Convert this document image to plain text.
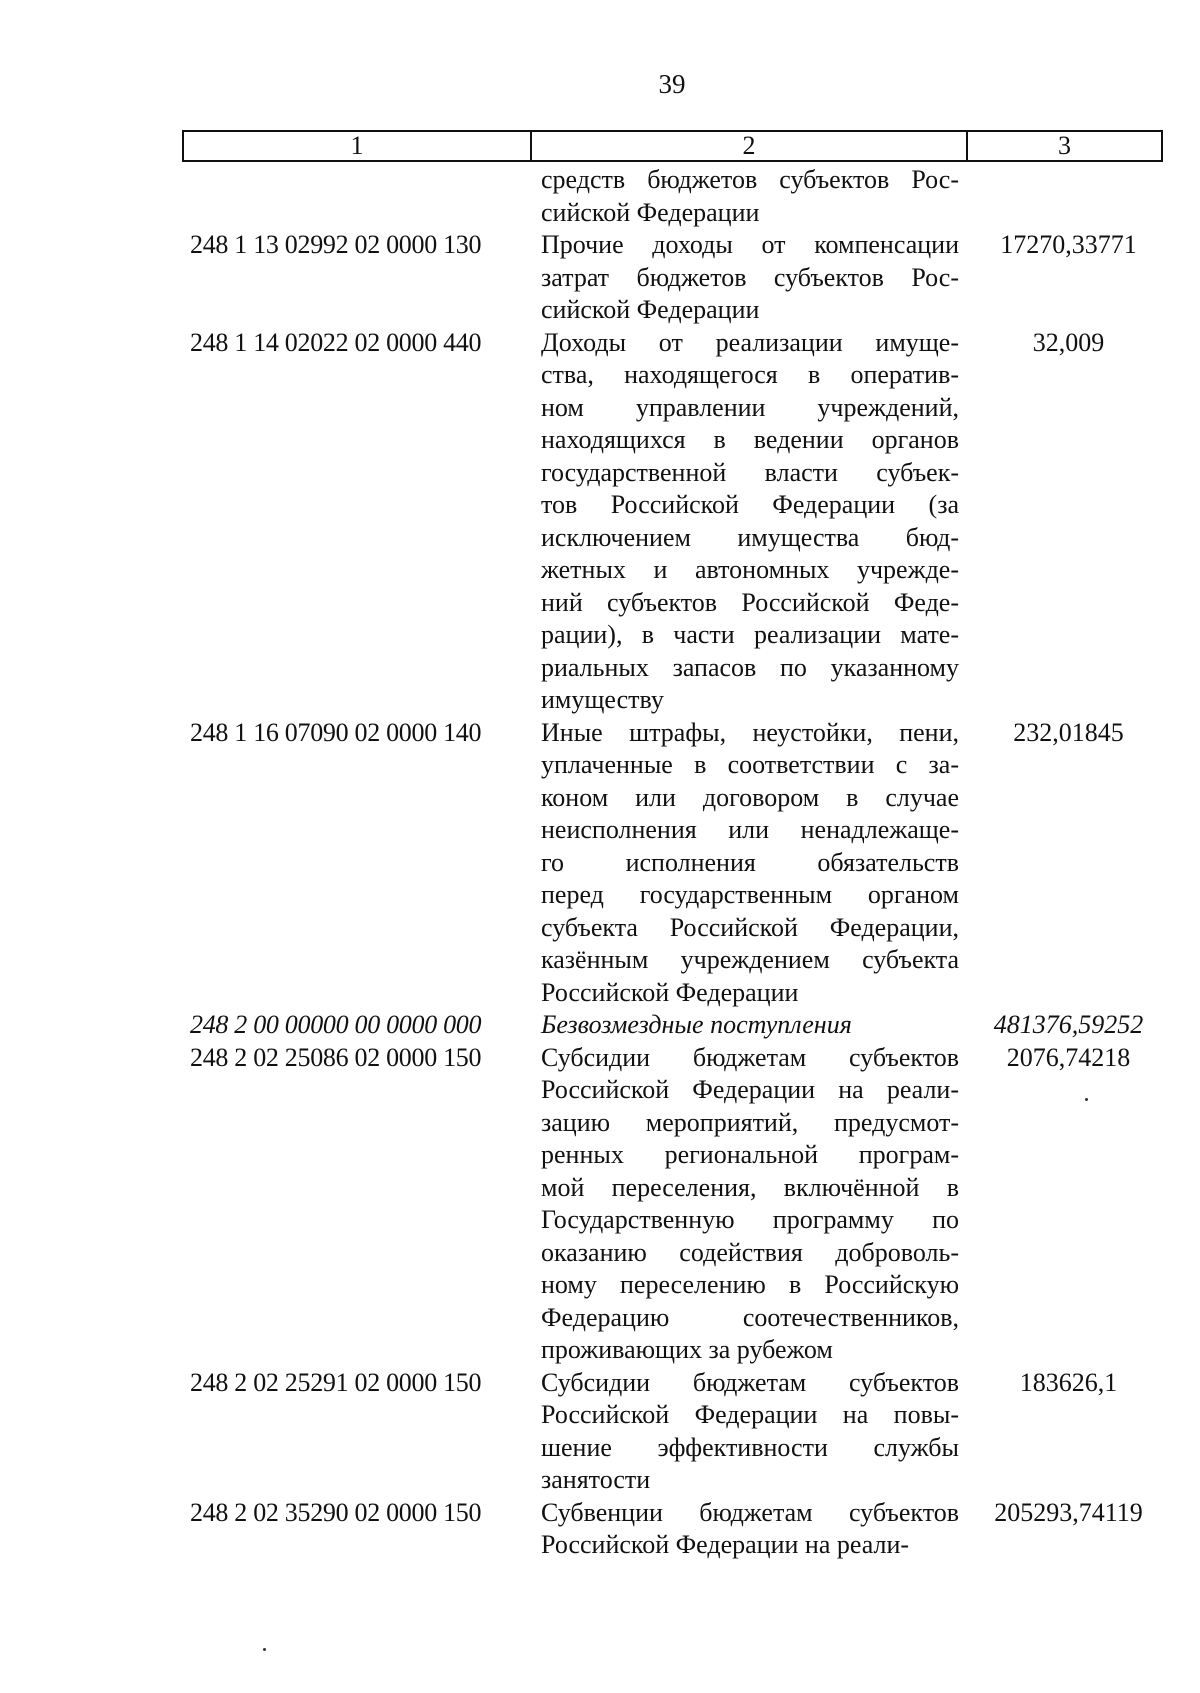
39
1	2	3
средств бюджетов субъектов Рос-
сийской Федерации
248 1 13 02992 02 0000 130	Прочие доходы от компенсации
затрат бюджетов субъектов Рос-
сийской Федерации
17270,33771
248 1 14 02022 02 0000 440	Доходы от реализации имуще-
ства, находящегося в оператив-
ном управлении учреждений,
находящихся в ведении органов
государственной власти субъек-
тов Российской Федерации (за
исключением имущества бюд-
жетных и автономных учрежде-
ний субъектов Российской Феде-
рации), в части реализации мате-
риальных запасов по указанному
имуществу
32,009
248 1 16 07090 02 0000 140	Иные штрафы, неустойки, пени,
уплаченные в соответствии с за-
коном или договором в случае
неисполнения или ненадлежаще-
го исполнения обязательств
перед государственным органом
субъекта Российской Федерации,
казённым учреждением субъекта
Российской Федерации
232,01845
248 2 00 00000 00 0000 000	Безвозмездные поступления	481376,59252
248 2 02 25086 02 0000 150	Субсидии бюджетам субъектов
Российской Федерации на реали-
зацию мероприятий, предусмот-
ренных региональной програм-
мой переселения, включённой в
Государственную программу по
оказанию содействия доброволь-
ному переселению в Российскую
Федерацию соотечественников,
проживающих за рубежом
2076,74218
248 2 02 25291 02 0000 150	Субсидии бюджетам субъектов
Российской Федерации на повы-
шение эффективности службы
занятости
183626,1
248 2 02 35290 02 0000 150	Субвенции бюджетам субъектов
Российской Федерации на реали-
205293,74119
